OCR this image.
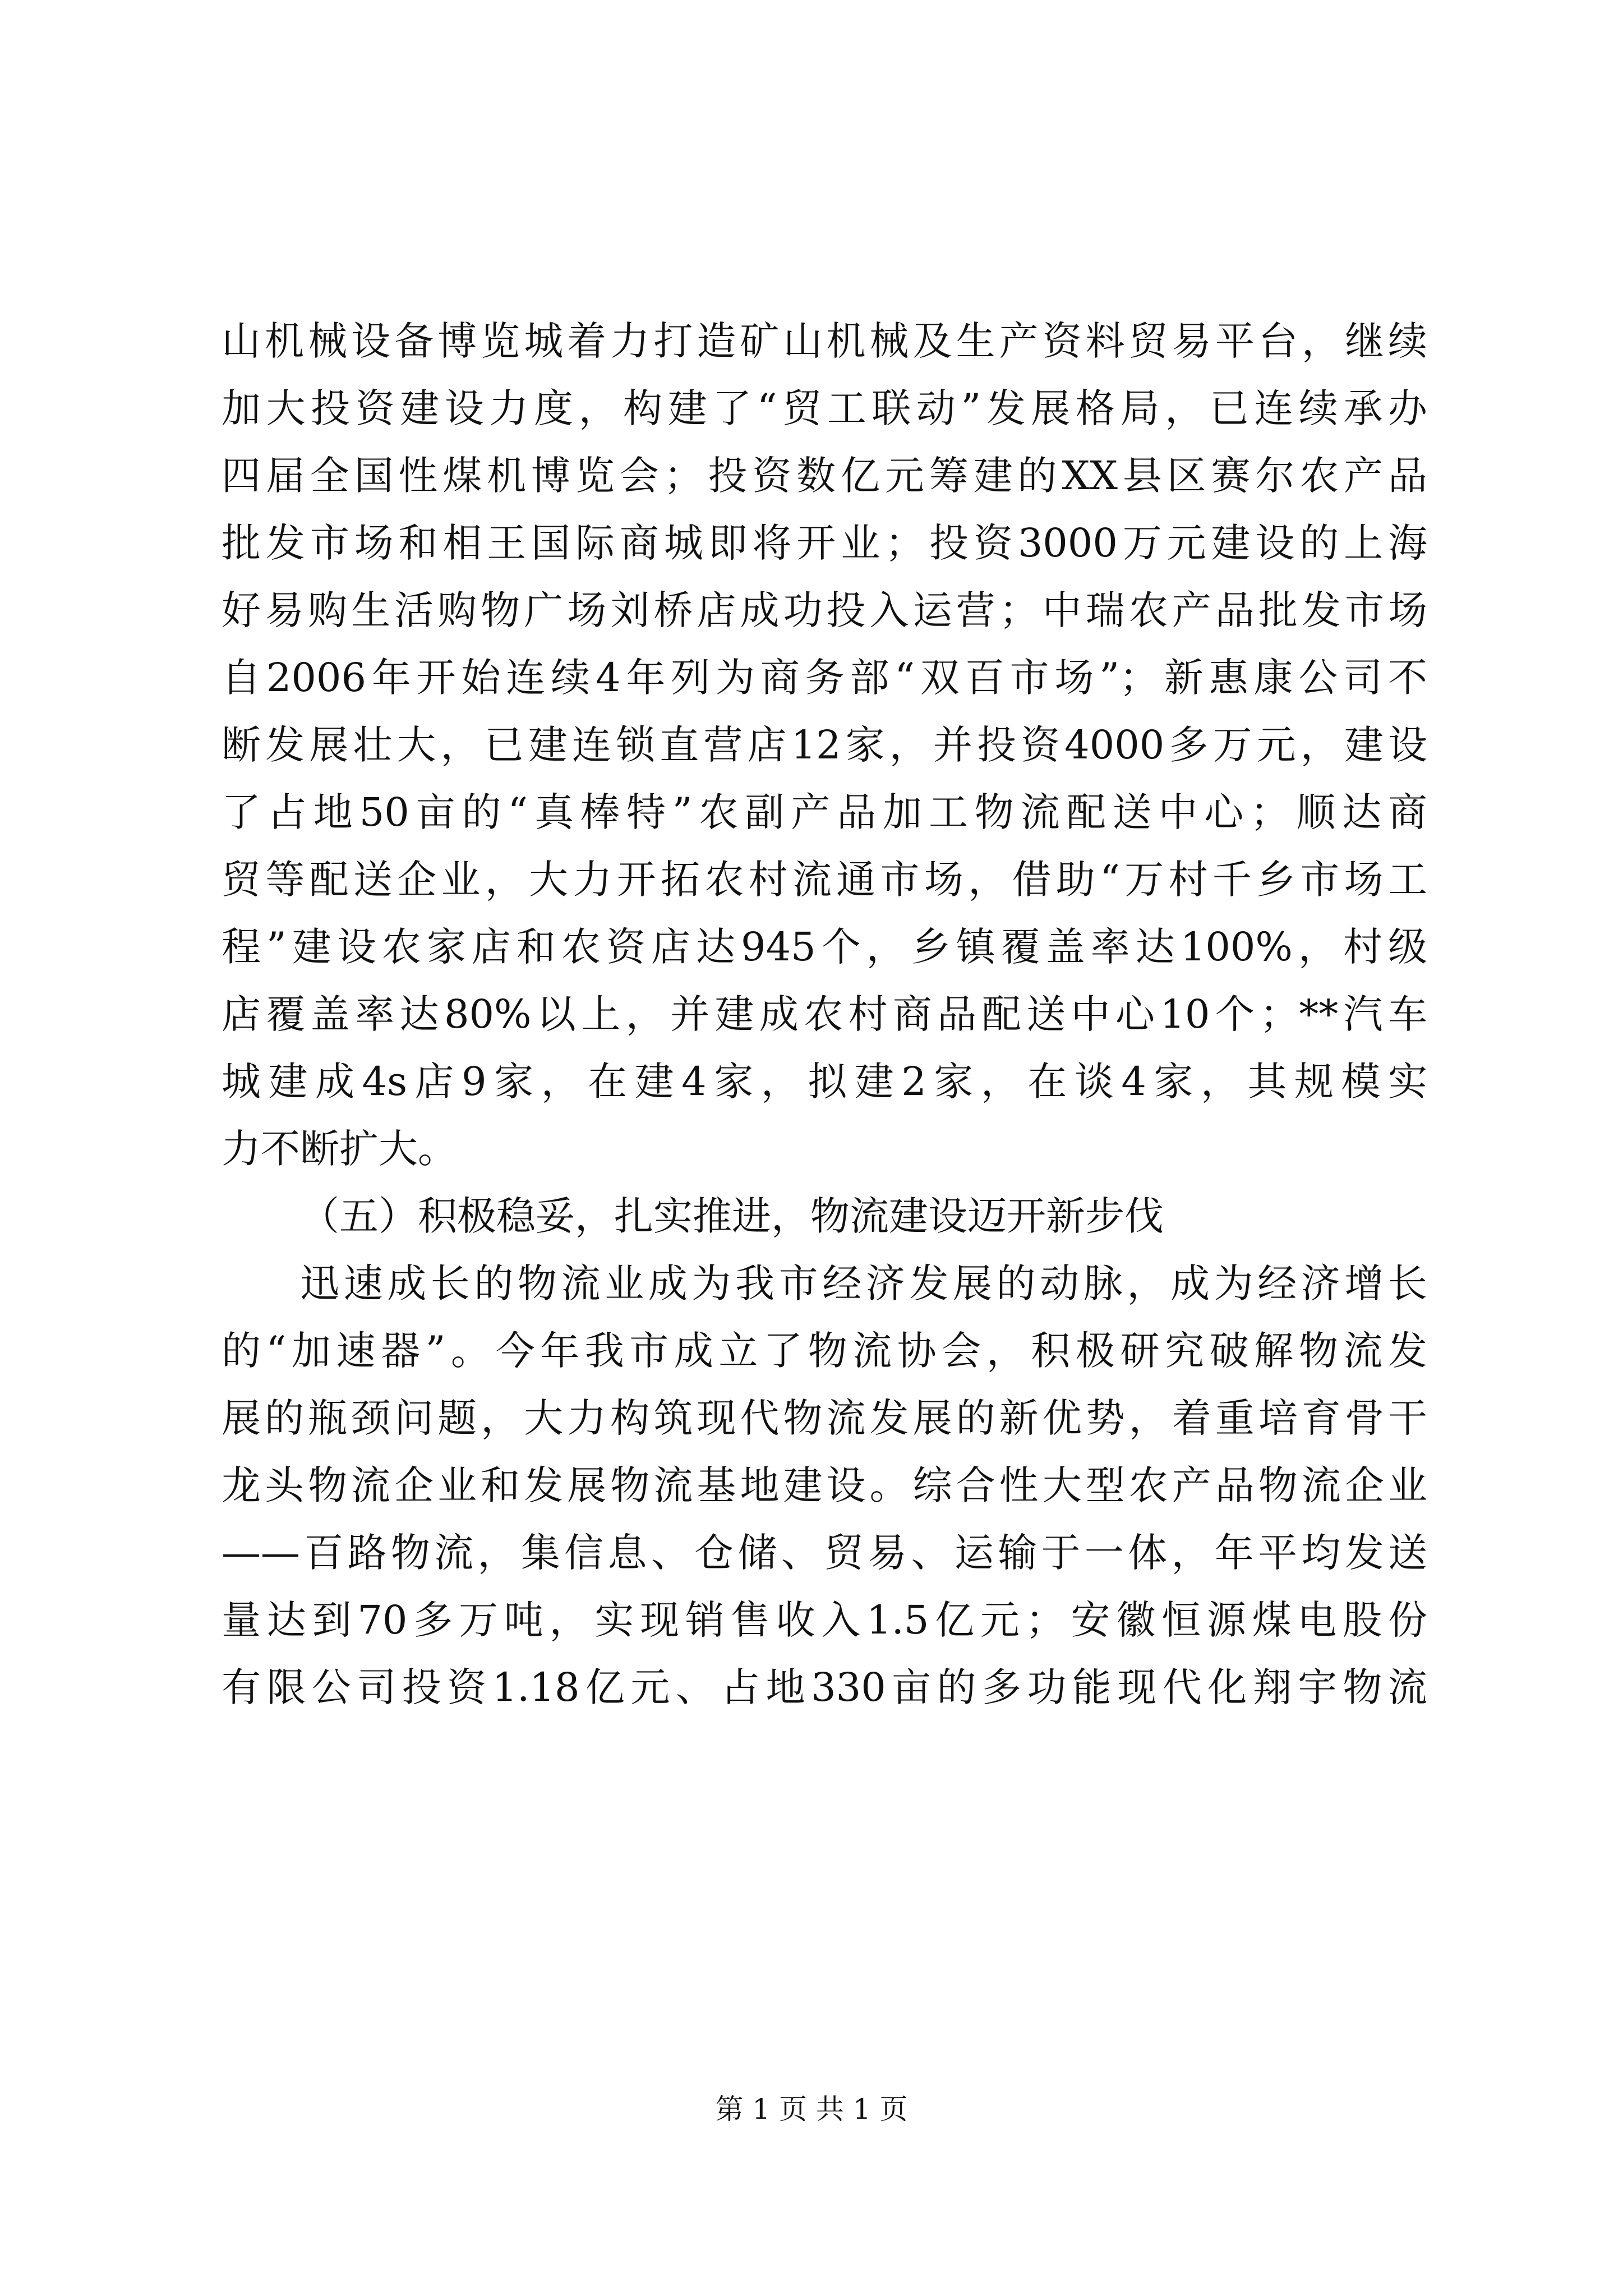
山机械设备博览城着力打造矿山机械及生产资料贸易平台，继续
加大投资建设力度，构建了“贸工联动”发展格局，已连续承办
四届全国性煤机博览会；投资数亿元筹建的XX县区赛尔农产品
批发市场和相王国际商城即将开业；投资3000万元建设的上海
好易购生活购物广场刘桥店成功投入运营；中瑞农产品批发市场
自2006年开始连续4年列为商务部“双百市场”；新惠康公司不
断发展壮大，已建连锁直营店12家，并投资4000多万元，建设
了占地50亩的“真棒特”农副产品加工物流配送中心；顺达商
贸等配送企业，大力开拓农村流通市场，借助“万村千乡市场工
程”建设农家店和农资店达945个，乡镇覆盖率达100%，村级
店覆盖率达80%以上，并建成农村商品配送中心10个；**汽车
城建成4s店9家，在建4家，拟建2家，在谈4家，其规模实
力不断扩大。
（五）积极稳妥，扎实推进，物流建设迈开新步伐
迅速成长的物流业成为我市经济发展的动脉，成为经济增长
的“加速器”。今年我市成立了物流协会，积极研究破解物流发
展的瓶颈问题，大力构筑现代物流发展的新优势，着重培育骨干
龙头物流企业和发展物流基地建设。综合性大型农产品物流企业
——百路物流，集信息、仓储、贸易、运输于一体，年平均发送
量达到70多万吨，实现销售收入1.5亿元；安徽恒源煤电股份
有限公司投资1.18亿元、占地330亩的多功能现代化翔宇物流
第 1 页 共 1 页
